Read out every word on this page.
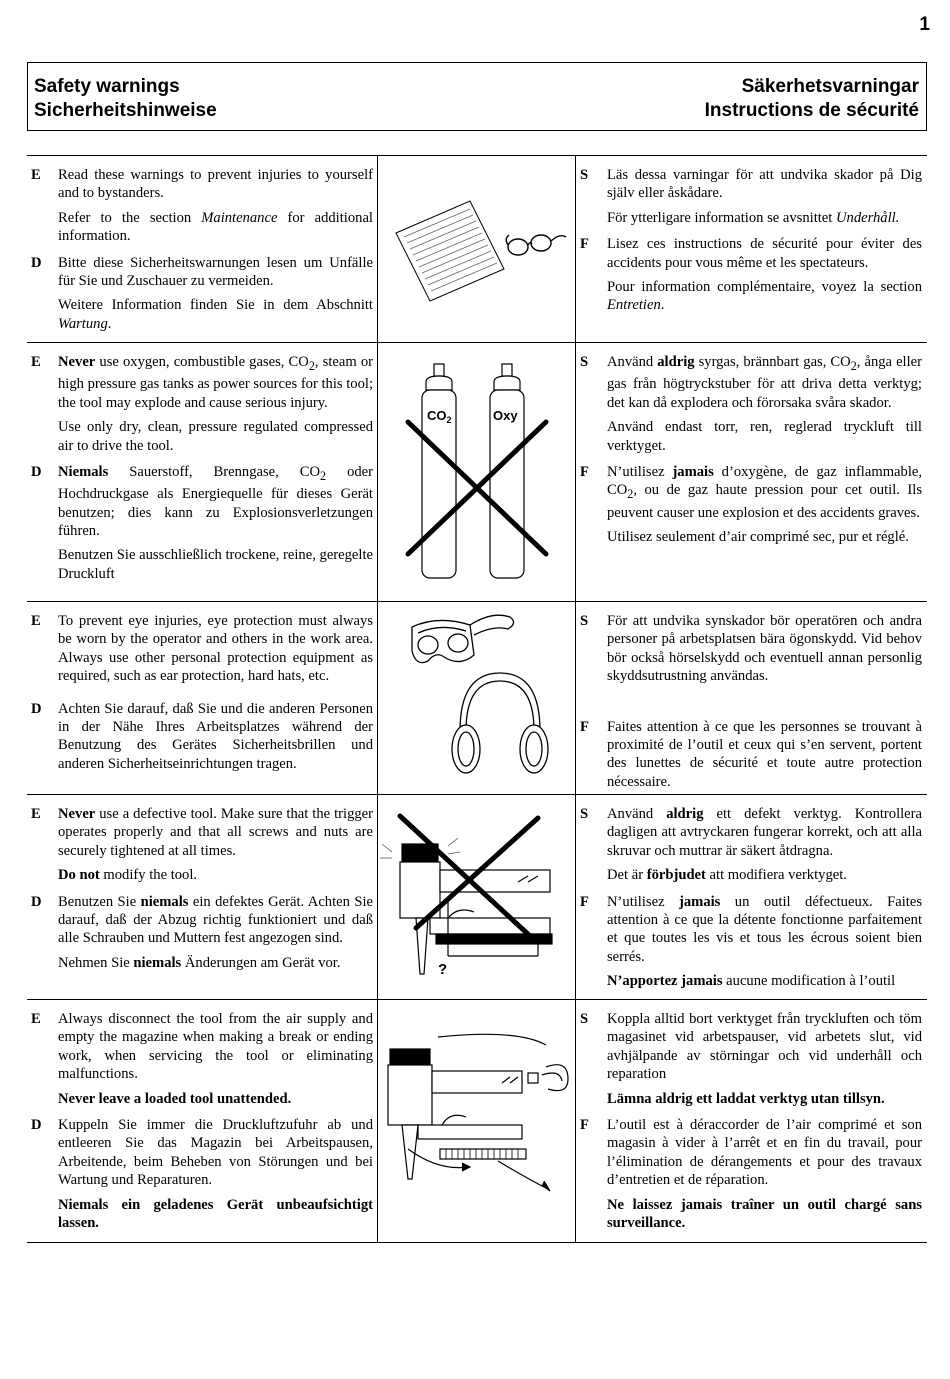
1
Safety warnings
Sicherheitshinweise
Säkerhetsvarningar
Instructions de sécurité
E Read these warnings to prevent injuries to yourself and to bystanders.

Refer to the section Maintenance for additional information.

D Bitte diese Sicherheitswarnungen lesen um Unfälle für Sie und Zuschauer zu vermeiden.

Weitere Information finden Sie in dem Abschnitt Wartung.

S Läs dessa varningar för att undvika skador på Dig själv eller åskådare.

För ytterligare information se avsnittet Underhåll.

F Lisez ces instructions de sécurité pour éviter des accidents pour vous même et les spectateurs.

Pour information complémentaire, voyez la section Entretien.

E Never use oxygen, combustible gases, $CO_2$, steam or high pressure gas tanks as power sources for this tool; the tool may explode and cause serious injury.

Use only dry, clean, pressure regulated compressed air to drive the tool.

D Niemals Sauerstoff, Brenngase, $CO_2$ oder Hochdruckgase als Energiequelle für dieses Gerät benutzen; dies kann zu Explosionsverletzungen führen.

Benutzen Sie ausschließlich trockene, reine, geregelte Druckluft

$CO_2$	Oxy
S Använd aldrig syrgas, brännbart gas, $CO_2$, ånga eller gas från högtryckstuber för att driva detta verktyg; det kan då explodera och förorsaka svåra skador.

Använd endast torr, ren, reglerad tryckluft till verktyget.

F N’utilisez jamais d’oxygène, de gaz inflammable, $CO_2$, ou de gaz haute pression pour cet outil. Ils peuvent causer une explosion et des accidents graves.

Utilisez seulement d’air comprimé sec, pur et réglé.

E To prevent eye injuries, eye protection must always be worn by the operator and others in the work area. Always use other personal protection equipment as required, such as ear protection, hard hats, etc.

D Achten Sie darauf, daß Sie und die anderen Personen in der Nähe Ihres Arbeitsplatzes während der Benutzung des Gerätes Sicherheitsbrillen und anderen Sicherheitseinrichtungen tragen.

S För att undvika synskador bör operatören och andra personer på arbetsplatsen bära ögonskydd. Vid behov bör också hörselskydd och eventuell annan personlig skyddsutrustning användas.

F Faites attention à ce que les personnes se trouvant à proximité de l’outil et ceux qui s’en servent, portent des lunettes de sécurité et toute autre protection nécessaire.

E Never use a defective tool. Make sure that the trigger operates properly and that all screws and nuts are securely tightened at all times.

Do not modify the tool.

D Benutzen Sie niemals ein defektes Gerät. Achten Sie darauf, daß der Abzug richtig funktioniert und daß alle Schrauben und Muttern fest angezogen sind.

Nehmen Sie niemals Änderungen am Gerät vor.	?
S Använd aldrig ett defekt verktyg. Kontrollera dagligen att avtryckaren fungerar korrekt, och att alla skruvar och muttrar är säkert åtdragna.

Det är förbjudet att modifiera verktyget.

F N’utilisez jamais un outil défectueux. Faites attention à ce que la détente fonctionne parfaitement et que toutes les vis et tous les écrous soient bien serrés.

N’apportez jamais aucune modification à l’outil

E Always disconnect the tool from the air supply and empty the magazine when making a break or ending work, when servicing the tool or eliminating malfunctions.

Never leave a loaded tool unattended.

D Kuppeln Sie immer die Druckluftzufuhr ab und entleeren Sie das Magazin bei Arbeitspausen, Arbeitende, beim Beheben von Störungen und bei Wartung und Reparaturen.

Niemals ein geladenes Gerät unbeaufsichtigt lassen.

S Koppla alltid bort verktyget från tryckluften och töm magasinet vid arbetspauser, vid arbetets slut, vid avhjälpande av störningar och vid underhåll och reparation

Lämna aldrig ett laddat verktyg utan tillsyn.

F L’outil est à déraccorder de l’air comprimé et son magasin à vider à l’arrêt et en fin du travail, pour l’élimination de dérangements et pour des travaux d’entretien et de réparation.

Ne laissez jamais traîner un outil chargé sans surveillance.
